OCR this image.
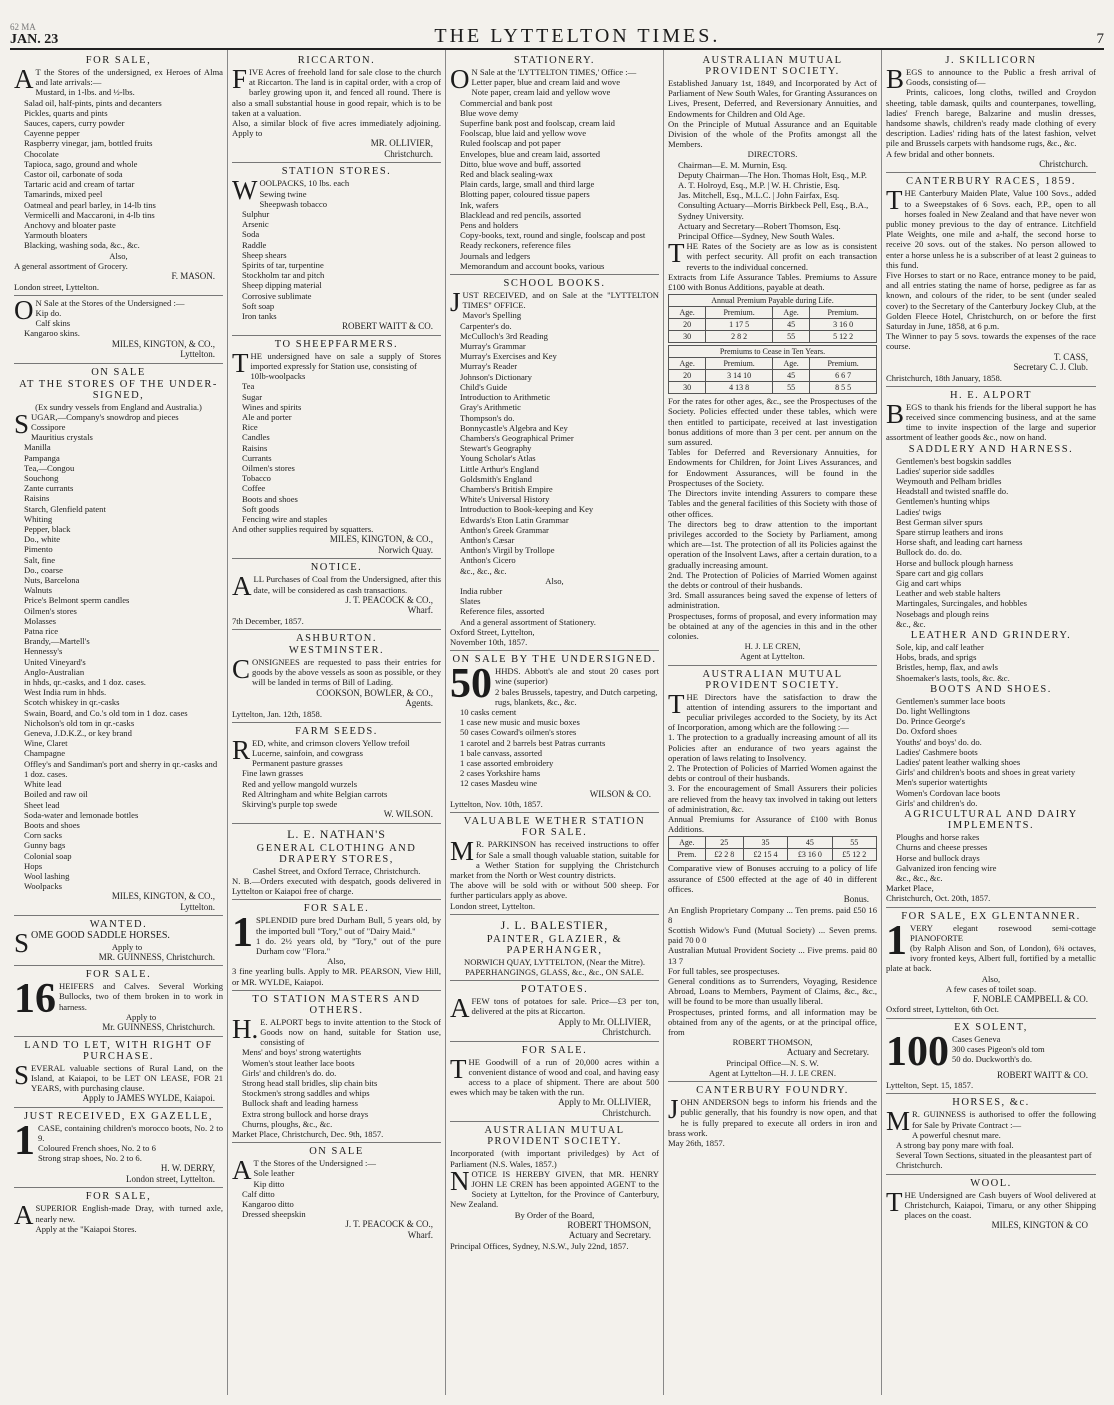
62 MA
JAN. 23	THE LYTTELTON TIMES.	7
FOR SALE,

AT the Stores of the undersigned, ex Heroes of Alma and late arrivals:—

Mustard, in 1-lbs. and ½-lbs.
Salad oil, half-pints, pints and decanters
Pickles, quarts and pints
Sauces, capers, curry powder
Cayenne pepper
Raspberry vinegar, jam, bottled fruits
Chocolate
Tapioca, sago, ground and whole
Castor oil, carbonate of soda
Tartaric acid and cream of tartar
Tamarinds, mixed peel
Oatmeal and pearl barley, in 14-lb tins
Vermicelli and Maccaroni, in 4-lb tins
Anchovy and bloater paste
Yarmouth bloaters
Blacking, washing soda, &c., &c.

Also,

A general assortment of Grocery.

F. MASON.

London street, Lyttelton.

ON Sale at the Stores of the Undersigned :—

Kip do.
Calf skins
Kangaroo skins.

MILES, KINGTON, & CO.,

Lyttelton.

ON SALE
AT THE STORES OF THE UNDER-SIGNED,

(Ex sundry vessels from England and Australia.)

SUGAR,—Company's snowdrop and pieces

Cossipore
Mauritius crystals
Manilla
Pampanga
Tea,—Congou
Souchong
Zante currants
Raisins
Starch, Glenfield patent
Whiting
Pepper, black
Do., white
Pimento
Salt, fine
Do., coarse
Nuts, Barcelona
Walnuts
Price's Belmont sperm candles
Oilmen's stores
Molasses
Patna rice
Brandy,—Martell's
Hennessy's
United Vineyard's
Anglo-Australian
in hhds, qr.-casks, and 1 doz. cases.
West India rum in hhds.
Scotch whiskey in qr.-casks
Swain, Board, and Co.'s old tom in 1 doz. cases
Nicholson's old tom in qr.-casks
Geneva, J.D.K.Z., or key brand
Wine, Claret
Champagne
Offley's and Sandiman's port and sherry in qr.-casks and 1 doz. cases.
White lead
Boiled and raw oil
Sheet lead
Soda-water and lemonade bottles
Boots and shoes
Corn sacks
Gunny bags
Colonial soap
Hops
Wool lashing
Woolpacks

MILES, KINGTON, & CO.,

Lyttelton.

WANTED.

SOME GOOD SADDLE HORSES.

Apply to

MR. GUINNESS, Christchurch.

FOR SALE.
16 HEIFERS and Calves. Several Working Bullocks, two of them broken in to work in harness.

Apply to

Mr. GUINNESS, Christchurch.

LAND TO LET, WITH RIGHT OF PURCHASE.

SEVERAL valuable sections of Rural Land, on the Island, at Kaiapoi, to be LET ON LEASE, FOR 21 YEARS, with purchasing clause.

Apply to JAMES WYLDE, Kaiapoi.

JUST RECEIVED, EX GAZELLE,
1 CASE, containing children's morocco boots, No. 2 to 9.

Coloured French shoes, No. 2 to 6
Strong strap shoes, No. 2 to 6.

H. W. DERRY,

London street, Lyttelton.

FOR SALE,

ASUPERIOR English-made Dray, with turned axle, nearly new.

Apply at the "Kaiapoi Stores.

RICCARTON.

FIVE Acres of freehold land for sale close to the church at Riccarton. The land is in capital order, with a crop of barley growing upon it, and fenced all round. There is also a small substantial house in good repair, which is to be taken at a valuation.

Also, a similar block of five acres immediately adjoining. Apply to

MR. OLLIVIER,

Christchurch.

STATION STORES.

WOOLPACKS, 10 lbs. each

Sewing twine
Sheepwash tobacco
Sulphur
Arsenic
Soda
Raddle
Sheep shears
Spirits of tar, turpentine
Stockholm tar and pitch
Sheep dipping material
Corrosive sublimate
Soft soap
Iron tanks

ROBERT WAITT & CO.

TO SHEEPFARMERS.

THE undersigned have on sale a supply of Stores imported expressly for Station use, consisting of

10lb-woolpacks
Tea
Sugar
Wines and spirits
Ale and porter
Rice
Candles
Raisins
Currants
Oilmen's stores
Tobacco
Coffee
Boots and shoes
Soft goods
Fencing wire and staples

And other supplies required by squatters.

MILES, KINGTON, & CO.,

Norwich Quay.

NOTICE.

ALL Purchases of Coal from the Undersigned, after this date, will be considered as cash transactions.

J. T. PEACOCK & CO.,

Wharf.

7th December, 1857.

ASHBURTON.
WESTMINSTER.

CONSIGNEES are requested to pass their entries for goods by the above vessels as soon as possible, or they will be landed in terms of Bill of Lading.

COOKSON, BOWLER, & CO.,

Agents.

Lyttelton, Jan. 12th, 1858.

FARM SEEDS.

RED, white, and crimson clovers Yellow trefoil

Lucerne, sainfoin, and cowgrass
Permanent pasture grasses
Fine lawn grasses
Red and yellow mangold wurzels
Red Altringham and white Belgian carrots
Skirving's purple top swede

W. WILSON.

L. E. NATHAN'S
GENERAL CLOTHING AND DRAPERY STORES,

Cashel Street, and Oxford Terrace, Christchurch.

N. B.—Orders executed with despatch, goods delivered in Lyttelton or Kaiapoi free of charge.

FOR SALE.
1 SPLENDID pure bred Durham Bull, 5 years old, by the imported bull "Tory," out of "Dairy Maid."

1 do. 2½ years old, by "Tory," out of the pure Durham cow "Flora."

Also,

3 fine yearling bulls. Apply to MR. PEARSON, View Hill, or MR. WYLDE, Kaiapoi.

TO STATION MASTERS AND OTHERS.

H.E. ALPORT begs to invite attention to the Stock of Goods now on hand, suitable for Station use, consisting of

Mens' and boys' strong watertights
Women's stout leather lace boots
Girls' and children's do. do.
Strong head stall bridles, slip chain bits
Stockmen's strong saddles and whips
Bullock shaft and leading harness
Extra strong bullock and horse drays
Churns, ploughs, &c., &c.

Market Place, Christchurch, Dec. 9th, 1857.

ON SALE

AT the Stores of the Undersigned :—

Sole leather
Kip ditto
Calf ditto
Kangaroo ditto
Dressed sheepskin

J. T. PEACOCK & CO.,

Wharf.

STATIONERY.

ON Sale at the 'LYTTELTON TIMES,' Office :—

Letter paper, blue and cream laid and wove
Note paper, cream laid and yellow wove
Commercial and bank post
Blue wove demy
Superfine bank post and foolscap, cream laid
Foolscap, blue laid and yellow wove
Ruled foolscap and pot paper
Envelopes, blue and cream laid, assorted
Ditto, blue wove and buff, assorted
Red and black sealing-wax
Plain cards, large, small and third large
Blotting paper, coloured tissue papers
Ink, wafers
Blacklead and red pencils, assorted
Pens and holders
Copy-books, text, round and single, foolscap and post
Ready reckoners, reference files
Journals and ledgers
Memorandum and account books, various
SCHOOL BOOKS.

JUST RECEIVED, and on Sale at the "LYTTELTON TIMES" OFFICE.

Mavor's Spelling
Carpenter's do.
McCulloch's 3rd Reading
Murray's Grammar
Murray's Exercises and Key
Murray's Reader
Johnson's Dictionary
Child's Guide
Introduction to Arithmetic
Gray's Arithmetic
Thompson's do.
Bonnycastle's Algebra and Key
Chambers's Geographical Primer
Stewart's Geography
Young Scholar's Atlas
Little Arthur's England
Goldsmith's England
Chambers's British Empire
White's Universal History
Introduction to Book-keeping and Key
Edwards's Eton Latin Grammar
Anthon's Greek Grammar
Anthon's Cæsar
Anthon's Virgil by Trollope
Anthon's Cicero
&c., &c., &c.

Also,

India rubber
Slates
Reference files, assorted
And a general assortment of Stationery.

Oxford Street, Lyttelton,

November 10th, 1857.

ON SALE BY THE UNDERSIGNED.
50 HHDS. Abbott's ale and stout 20 cases port wine (superior)

2 bales Brussels, tapestry, and Dutch carpeting, rugs, blankets, &c., &c.
10 casks cement
1 case new music and music boxes
50 cases Coward's oilmen's stores
1 carotel and 2 barrels best Patras currants
1 bale canvass, assorted
1 case assorted embroidery
2 cases Yorkshire hams
12 cases Masdeu wine

WILSON & CO.

Lyttelton, Nov. 10th, 1857.

VALUABLE WETHER STATION FOR SALE.

MR. PARKINSON has received instructions to offer for Sale a small though valuable station, suitable for a Wether Station for supplying the Christchurch market from the North or West country districts.

The above will be sold with or without 500 sheep. For further particulars apply as above.

London street, Lyttelton.

J. L. BALESTIER,
PAINTER, GLAZIER, & PAPERHANGER,

NORWICH QUAY, LYTTELTON, (Near the Mitre).

PAPERHANGINGS, GLASS, &c., &c., ON SALE.

POTATOES.

AFEW tons of potatoes for sale. Price—£3 per ton, delivered at the pits at Riccarton.

Apply to Mr. OLLIVIER,

Christchurch.

FOR SALE.

THE Goodwill of a run of 20,000 acres within a convenient distance of wood and coal, and having easy access to a place of shipment. There are about 500 ewes which may be taken with the run.

Apply to Mr. OLLIVIER,

Christchurch.

AUSTRALIAN MUTUAL PROVIDENT SOCIETY.

Incorporated (with important priviledges) by Act of Parliament (N.S. Wales, 1857.)

NOTICE IS HEREBY GIVEN, that MR. HENRY JOHN LE CREN has been appointed AGENT to the Society at Lyttelton, for the Province of Canterbury, New Zealand.

By Order of the Board,

ROBERT THOMSON,

Actuary and Secretary.

Principal Offices, Sydney, N.S.W., July 22nd, 1857.

AUSTRALIAN MUTUAL PROVIDENT SOCIETY.

Established January 1st, 1849, and Incorporated by Act of Parliament of New South Wales, for Granting Assurances on Lives, Present, Deferred, and Reversionary Annuities, and Endowments for Children and Old Age.

On the Principle of Mutual Assurance and an Equitable Division of the whole of the Profits amongst all the Members.

DIRECTORS.

Chairman—E. M. Murnin, Esq.
Deputy Chairman—The Hon. Thomas Holt, Esq., M.P.
A. T. Holroyd, Esq., M.P. | W. H. Christie, Esq.
Jas. Mitchell, Esq., M.L.C. | John Fairfax, Esq.
Consulting Actuary—Morris Birkbeck Pell, Esq., B.A., Sydney University.
Actuary and Secretary—Robert Thomson, Esq.
Principal Office—Sydney, New South Wales.

THE Rates of the Society are as low as is consistent with perfect security. All profit on each transaction reverts to the individual concerned.

Extracts from Life Assurance Tables. Premiums to Assure £100 with Bonus Additions, payable at death.

Annual Premium Payable during Life.			
Age.	Premium.	Age.	Premium.
20	1 17 5	45	3 16 0
30	2 8 2	55	5 12 2
Premiums to Cease in Ten Years.			
Age.	Premium.	Age.	Premium.
20	3 14 10	45	6 6 7
30	4 13 8	55	8 5 5

For the rates for other ages, &c., see the Prospectuses of the Society. Policies effected under these tables, which were then entitled to participate, received at last investigation bonus additions of more than 3 per cent. per annum on the sum assured.

Tables for Deferred and Reversionary Annuities, for Endowments for Children, for Joint Lives Assurances, and for Endowment Assurances, will be found in the Prospectuses of the Society.

The Directors invite intending Assurers to compare these Tables and the general facilities of this Society with those of other offices.

The directors beg to draw attention to the important privileges accorded to the Society by Parliament, among which are—1st. The protection of all its Policies against the operation of the Insolvent Laws, after a certain duration, to a gradually increasing amount.

2nd. The Protection of Policies of Married Women against the debts or controul of their husbands.

3rd. Small assurances being saved the expense of letters of administration.

Prospectuses, forms of proposal, and every information may be obtained at any of the agencies in this and in the other colonies.

H. J. LE CREN,

Agent at Lyttelton.

AUSTRALIAN MUTUAL PROVIDENT SOCIETY.

THE Directors have the satisfaction to draw the attention of intending assurers to the important and peculiar privileges accorded to the Society, by its Act of Incorporation, among which are the following :—

1. The protection to a gradually increasing amount of all its Policies after an endurance of two years against the operation of laws relating to Insolvency.

2. The Protection of Policies of Married Women against the debts or controul of their husbands.

3. For the encouragement of Small Assurers their policies are relieved from the heavy tax involved in taking out letters of administration, &c.

Annual Premiums for Assurance of £100 with Bonus Additions.

Age.	25	35	45	55
Prem.	£2 2 8	£2 15 4	£3 16 0	£5 12 2

Comparative view of Bonuses accruing to a policy of life assurance of £500 effected at the age of 40 in different offices.

Bonus.

An English Proprietary Company ... Ten prems. paid £50 16 8

Scottish Widow's Fund (Mutual Society) ... Seven prems. paid 70 0 0

Australian Mutual Provident Society ... Five prems. paid 80 13 7

For full tables, see prospectuses.

General conditions as to Surrenders, Voyaging, Residence Abroad, Loans to Members, Payment of Claims, &c., &c., will be found to be more than usually liberal.

Prospectuses, printed forms, and all information may be obtained from any of the agents, or at the principal office, from

ROBERT THOMSON,

Actuary and Secretary.

Principal Office—N. S. W.

Agent at Lyttelton—H. J. LE CREN.

CANTERBURY FOUNDRY.

JOHN ANDERSON begs to inform his friends and the public generally, that his foundry is now open, and that he is fully prepared to execute all orders in iron and brass work.

May 26th, 1857.

J. SKILLICORN

BEGS to announce to the Public a fresh arrival of Goods, consisting of—

Prints, calicoes, long cloths, twilled and Croydon sheeting, table damask, quilts and counterpanes, towelling, ladies' French barege, Balzarine and muslin dresses, handsome shawls, children's ready made clothing of every description. Ladies' riding hats of the latest fashion, velvet pile and Brussels carpets with handsome rugs, &c., &c.

A few bridal and other bonnets.

Christchurch.

CANTERBURY RACES, 1859.

THE Canterbury Maiden Plate, Value 100 Sovs., added to a Sweepstakes of 6 Sovs. each, P.P., open to all horses foaled in New Zealand and that have never won public money previous to the day of entrance. Litchfield Plate Weights, one mile and a-half, the second horse to receive 20 sovs. out of the stakes. No person allowed to enter a horse unless he is a subscriber of at least 2 guineas to this fund.

Five Horses to start or no Race, entrance money to be paid, and all entries stating the name of horse, pedigree as far as known, and colours of the rider, to be sent (under sealed cover) to the Secretary of the Canterbury Jockey Club, at the Golden Fleece Hotel, Christchurch, on or before the first Saturday in June, 1858, at 6 p.m.

The Winner to pay 5 sovs. towards the expenses of the race course.

T. CASS,

Secretary C. J. Club.

Christchurch, 18th January, 1858.

H. E. ALPORT

BEGS to thank his friends for the liberal support he has received since commencing business, and at the same time to invite inspection of the large and superior assortment of leather goods &c., now on hand.

SADDLERY AND HARNESS.
Gentlemen's best bogskin saddles
Ladies' superior side saddles
Weymouth and Pelham bridles
Headstall and twisted snaffle do.
Gentlemen's hunting whips
Ladies' twigs
Best German silver spurs
Spare stirrup leathers and irons
Horse shaft, and leading cart harness
Bullock do. do. do.
Horse and bullock plough harness
Spare cart and gig collars
Gig and cart whips
Leather and web stable halters
Martingales, Surcingales, and hobbles
Nosebags and plough reins
&c., &c.
LEATHER AND GRINDERY.
Sole, kip, and calf leather
Hobs, brads, and sprigs
Bristles, hemp, flax, and awls
Shoemaker's lasts, tools, &c. &c.
BOOTS AND SHOES.
Gentlemen's summer lace boots
Do. light Wellingtons
Do. Prince George's
Do. Oxford shoes
Youths' and boys' do. do.
Ladies' Cashmere boots
Ladies' patent leather walking shoes
Girls' and children's boots and shoes in great variety
Men's superior watertights
Women's Cordovan lace boots
Girls' and children's do.
AGRICULTURAL AND DAIRY IMPLEMENTS.
Ploughs and horse rakes
Churns and cheese presses
Horse and bullock drays
Galvanized iron fencing wire
&c., &c., &c.

Market Place,

Christchurch, Oct. 20th, 1857.

FOR SALE, EX GLENTANNER.
1 VERY elegant rosewood semi-cottage PIANOFORTE

(by Ralph Alison and Son, of London), 6¾ octaves, ivory fronted keys, Albert full, fortified by a metallic plate at back.

Also,

A few cases of toilet soap.

F. NOBLE CAMPBELL & CO.

Oxford street, Lyttelton, 6th Oct.

EX SOLENT,
100 Cases Geneva
300 cases Pigeon's old tom
50 do. Duckworth's do.

ROBERT WAITT & CO.

Lyttelton, Sept. 15, 1857.

HORSES, &c.

MR. GUINNESS is authorised to offer the following for Sale by Private Contract :—

A powerful chesnut mare.
A strong bay pony mare with foal.
Several Town Sections, situated in the pleasantest part of Christchurch.
WOOL.

THE Undersigned are Cash buyers of Wool delivered at Christchurch, Kaiapoi, Timaru, or any other Shipping places on the coast.

MILES, KINGTON & CO
